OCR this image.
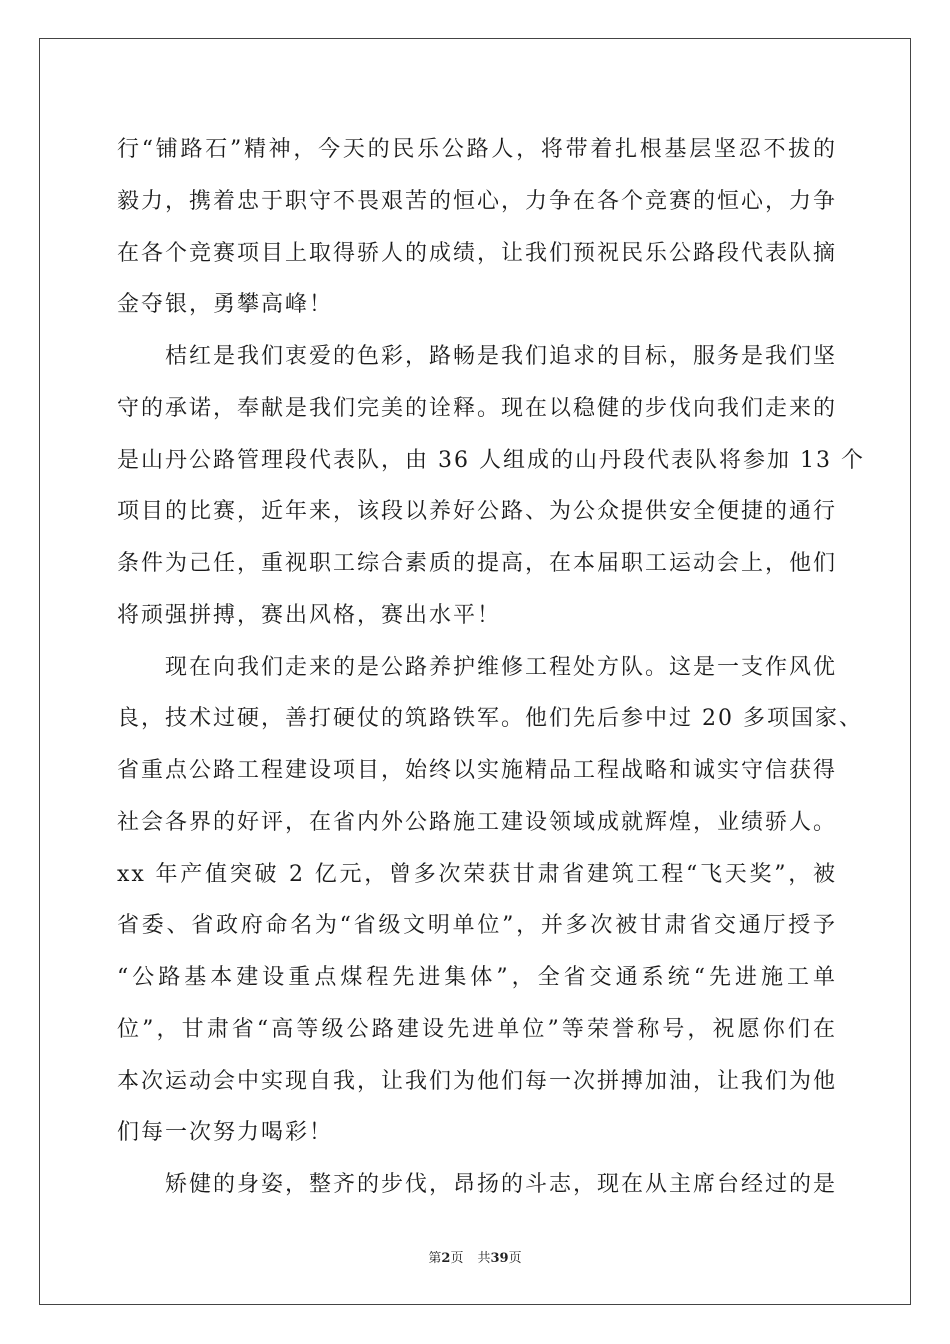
行“铺路石”精神，今天的民乐公路人，将带着扎根基层坚忍不拔的
毅力，携着忠于职守不畏艰苦的恒心，力争在各个竞赛的恒心，力争
在各个竞赛项目上取得骄人的成绩，让我们预祝民乐公路段代表队摘
金夺银，勇攀高峰！
桔红是我们衷爱的色彩，路畅是我们追求的目标，服务是我们坚
守的承诺，奉献是我们完美的诠释。现在以稳健的步伐向我们走来的
是山丹公路管理段代表队，由 36 人组成的山丹段代表队将参加 13 个
项目的比赛，近年来，该段以养好公路、为公众提供安全便捷的通行
条件为己任，重视职工综合素质的提高，在本届职工运动会上，他们
将顽强拼搏，赛出风格，赛出水平！
现在向我们走来的是公路养护维修工程处方队。这是一支作风优
良，技术过硬，善打硬仗的筑路铁军。他们先后参中过 20 多项国家、
省重点公路工程建设项目，始终以实施精品工程战略和诚实守信获得
社会各界的好评，在省内外公路施工建设领域成就辉煌，业绩骄人。
xx 年产值突破 2 亿元，曾多次荣获甘肃省建筑工程“飞天奖”，被
省委、省政府命名为“省级文明单位”，并多次被甘肃省交通厅授予
“公路基本建设重点煤程先进集体”，全省交通系统“先进施工单
位”，甘肃省“高等级公路建设先进单位”等荣誉称号，祝愿你们在
本次运动会中实现自我，让我们为他们每一次拼搏加油，让我们为他
们每一次努力喝彩！
矫健的身姿，整齐的步伐，昂扬的斗志，现在从主席台经过的是
第2页 共39页
